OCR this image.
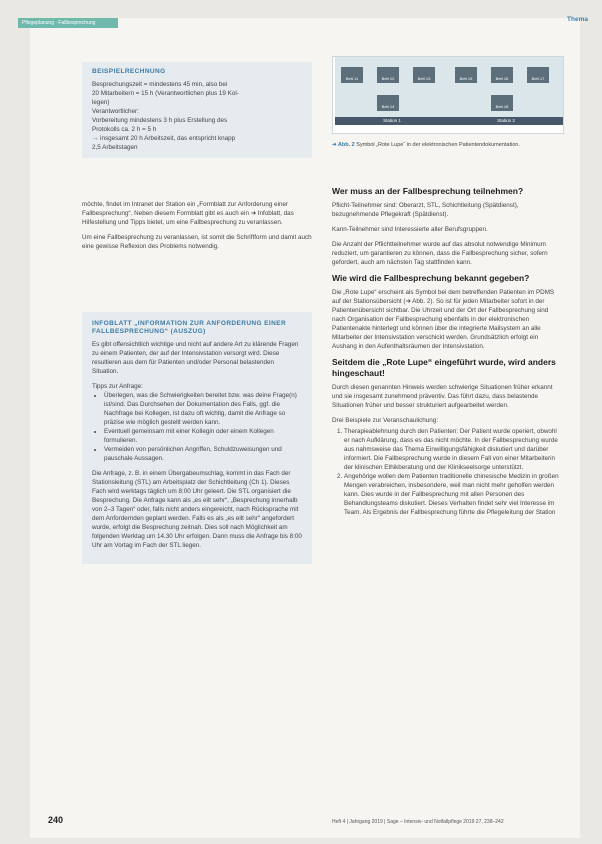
Pflegeplanung · Fallbesprechung	Thema
BEISPIELRECHNUNG
Besprechungszeit = mindestens 45 min, also bei
20 Mitarbeitern = 15 h (Verantwortlichen plus 19 Kol-
legen)
Verantwortlicher:
Vorbereitung mindestens 3 h plus Erstellung des
Protokolls ca. 2 h = 5 h
→ insgesamt 20 h Arbeitszeit, das entspricht knapp
2,5 Arbeitstagen

möchte, findet im Intranet der Station ein „Formblatt zur Anforderung einer Fallbesprechung“. Neben diesem Formblatt gibt es auch ein ➜ Infoblatt, das Hilfestellung und Tipps bietet, um eine Fallbesprechung zu veranlassen.

Um eine Fallbesprechung zu veranlassen, ist somit die Schriftform und damit auch eine gewisse Reflexion des Problems notwendig.

INFOBLATT „INFORMATION ZUR ANFORDERUNG EINER FALLBESPRECHUNG“ (AUSZUG)

Es gibt offensichtlich wichtige und nicht auf andere Art zu klärende Fragen zu einem Patienten, der auf der Intensivstation versorgt wird. Diese resultieren aus dem für Patienten und/oder Personal belastenden Situation.

Tipps zur Anfrage:

• Überlegen, was die Schwierigkeiten bereitet bzw. was deine Frage(n) ist/sind. Das Durchsehen der Dokumentation des Falls, ggf. die Nachfrage bei Kollegen, ist dazu oft wichtig, damit die Anfrage so präzise wie möglich gestellt werden kann.
• Eventuell gemeinsam mit einer Kollegin oder einem Kollegen formulieren.
• Vermeiden von persönlichen Angriffen, Schuldzuweisungen und pauschale Aussagen.

Die Anfrage, z. B. in einem Übergabeumschlag, kommt in das Fach der Stationsleitung (STL) am Arbeitsplatz der Schichtleitung (Ch 1). Dieses Fach wird werktags täglich um 8:00 Uhr geleert. Die STL organisiert die Besprechung. Die Anfrage kann als „es eilt sehr“, „Besprechung innerhalb von 2–3 Tagen“ oder, falls nicht anders eingereicht, nach Rücksprache mit dem Anfordernden geplant werden. Falls es als „es eilt sehr“ angefordert wurde, erfolgt die Besprechung zeitnah. Dies soll nach Möglichkeit am folgenden Werktag um 14.30 Uhr erfolgen. Dann muss die Anfrage bis 8:00 Uhr am Vortag im Fach der STL liegen.

Bett 11	Bett 12	Bett 13
Bett 14
Station 1
Bett 15	Bett 16	Bett 17
Bett 18
Station 2
➜ Abb. 2 Symbol „Rote Lupe“ in der elektronischen Patientendokumentation.
Wer muss an der Fallbesprechung teilnehmen?

Pflicht-Teilnehmer sind: Oberarzt, STL, Schichtleitung (Spätdienst), bezugnehmende Pflegekraft (Spätdienst).

Kann-Teilnehmer sind Interessierte aller Berufsgruppen.

Die Anzahl der Pflichtteilnehmer wurde auf das absolut notwendige Minimum reduziert, um garantieren zu können, dass die Fallbesprechung sicher, sofern gefordert, auch am nächsten Tag stattfinden kann.

Wie wird die Fallbesprechung bekannt gegeben?

Die „Rote Lupe“ erscheint als Symbol bei dem betreffenden Patienten im PDMS auf der Stationsübersicht (➜ Abb. 2). So ist für jeden Mitarbeiter sofort in der Patientenübersicht sichtbar. Die Uhrzeit und der Ort der Fallbesprechung sind nach Organisation der Fallbesprechung ebenfalls in der elektronischen Patientenakte hinterlegt und können über die integrierte Mailsystem an alle Mitarbeiter der Intensivstation verschickt werden. Grundsätzlich erfolgt ein Aushang in den Aufenthaltsräumen der Intensivstation.

Seitdem die „Rote Lupe“ eingeführt wurde, wird anders hingeschaut!

Durch diesen genannten Hinweis werden schwierige Situationen früher erkannt und sie insgesamt zunehmend präventiv. Das führt dazu, dass belastende Situationen früher und besser strukturiert aufgearbeitet werden.

Drei Beispiele zur Veranschaulichung:

1. Therapieablehnung durch den Patienten: Der Patient wurde operiert, obwohl er nach Aufklärung, dass es das nicht möchte. In der Fallbesprechung wurde aus nahmsweise das Thema Einwilligungsfähigkeit diskutiert und darüber informiert. Die Fallbesprechung wurde in diesem Fall von einer Mitarbeiterin der klinischen Ethikberatung und der Klinikseelsorge unterstützt.
2. Angehörige wollen dem Patienten traditionelle chinesische Medizin in großen Mengen verabreichen, insbesondere, weil man nicht mehr geholfen werden kann. Dies wurde in der Fallbesprechung mit allen Personen des Behandlungsteams diskutiert. Dieses Verhalten findet sehr viel Interesse im Team. Als Ergebnis der Fallbesprechung führte die Pflegeleitung der Station
240	Heft 4 | Jahrgang 2019 | Sage – Intensiv- und Notfallpflege 2019 27, 238–242
